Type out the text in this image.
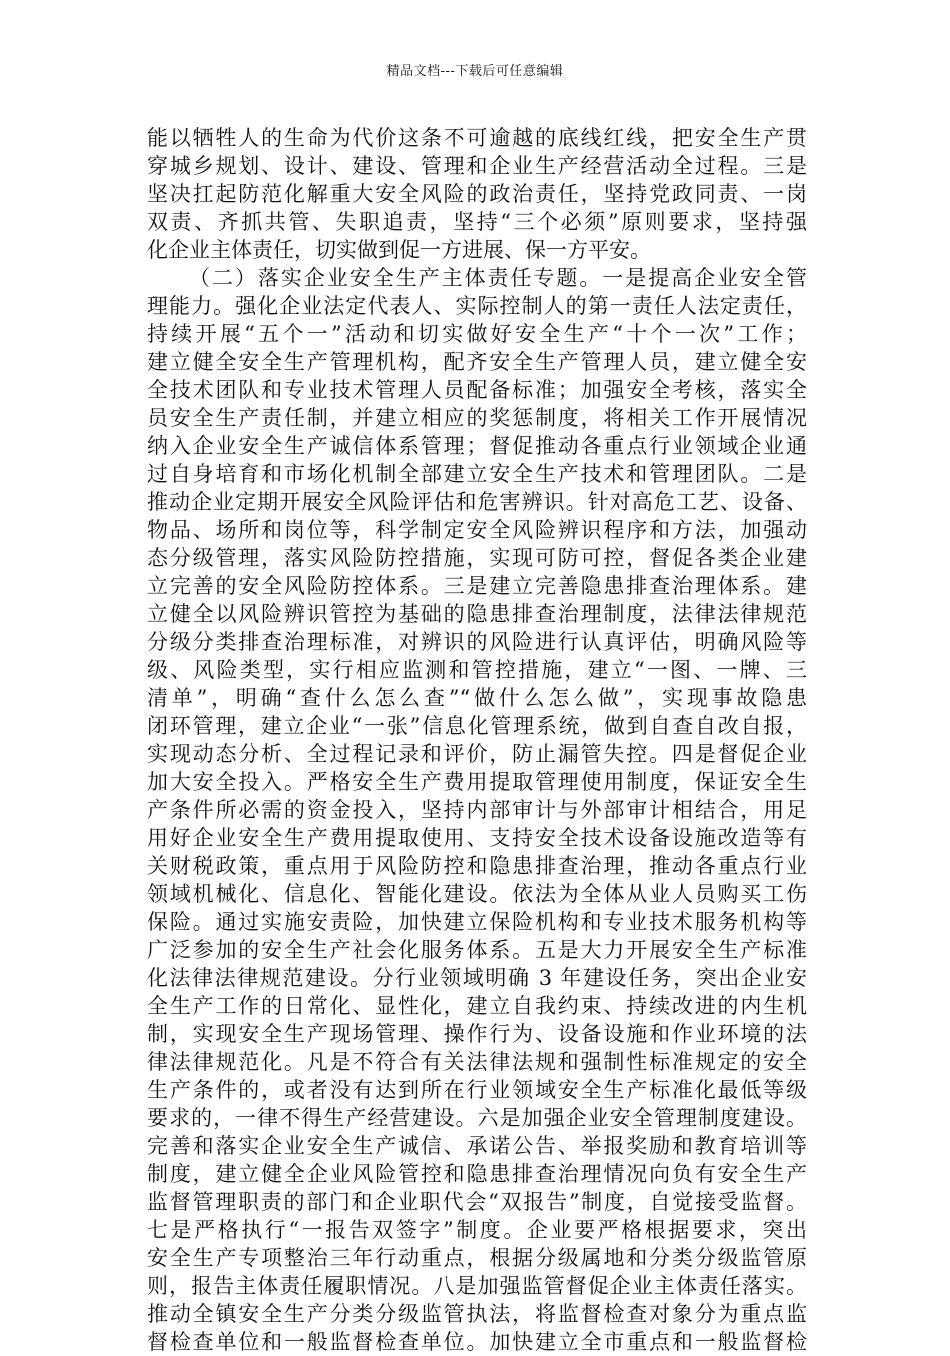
精品文档---下载后可任意编辑
能以牺牲人的生命为代价这条不可逾越的底线红线，把安全生产贯
穿城乡规划、设计、建设、管理和企业生产经营活动全过程。三是
坚决扛起防范化解重大安全风险的政治责任，坚持党政同责、一岗
双责、齐抓共管、失职追责，坚持“三个必须”原则要求，坚持强
化企业主体责任，切实做到促一方进展、保一方平安。
（二）落实企业安全生产主体责任专题。一是提高企业安全管
理能力。强化企业法定代表人、实际控制人的第一责任人法定责任，
持续开展“五个一”活动和切实做好安全生产“十个一次”工作；
建立健全安全生产管理机构，配齐安全生产管理人员，建立健全安
全技术团队和专业技术管理人员配备标准；加强安全考核，落实全
员安全生产责任制，并建立相应的奖惩制度，将相关工作开展情况
纳入企业安全生产诚信体系管理；督促推动各重点行业领域企业通
过自身培育和市场化机制全部建立安全生产技术和管理团队。二是
推动企业定期开展安全风险评估和危害辨识。针对高危工艺、设备、
物品、场所和岗位等，科学制定安全风险辨识程序和方法，加强动
态分级管理，落实风险防控措施，实现可防可控，督促各类企业建
立完善的安全风险防控体系。三是建立完善隐患排查治理体系。建
立健全以风险辨识管控为基础的隐患排查治理制度，法律法律规范
分级分类排查治理标准，对辨识的风险进行认真评估，明确风险等
级、风险类型，实行相应监测和管控措施，建立“一图、一牌、三
清单”，明确“查什么怎么查”“做什么怎么做”，实现事故隐患
闭环管理，建立企业“一张”信息化管理系统，做到自查自改自报，
实现动态分析、全过程记录和评价，防止漏管失控。四是督促企业
加大安全投入。严格安全生产费用提取管理使用制度，保证安全生
产条件所必需的资金投入，坚持内部审计与外部审计相结合，用足
用好企业安全生产费用提取使用、支持安全技术设备设施改造等有
关财税政策，重点用于风险防控和隐患排查治理，推动各重点行业
领域机械化、信息化、智能化建设。依法为全体从业人员购买工伤
保险。通过实施安责险，加快建立保险机构和专业技术服务机构等
广泛参加的安全生产社会化服务体系。五是大力开展安全生产标准
化法律法律规范建设。分行业领域明确 3 年建设任务，突出企业安
全生产工作的日常化、显性化，建立自我约束、持续改进的内生机
制，实现安全生产现场管理、操作行为、设备设施和作业环境的法
律法律规范化。凡是不符合有关法律法规和强制性标准规定的安全
生产条件的，或者没有达到所在行业领域安全生产标准化最低等级
要求的，一律不得生产经营建设。六是加强企业安全管理制度建设。
完善和落实企业安全生产诚信、承诺公告、举报奖励和教育培训等
制度，建立健全企业风险管控和隐患排查治理情况向负有安全生产
监督管理职责的部门和企业职代会“双报告”制度，自觉接受监督。
七是严格执行“一报告双签字”制度。企业要严格根据要求，突出
安全生产专项整治三年行动重点，根据分级属地和分类分级监管原
则，报告主体责任履职情况。八是加强监管督促企业主体责任落实。
推动全镇安全生产分类分级监管执法，将监督检查对象分为重点监
督检查单位和一般监督检查单位。加快建立全市重点和一般监督检
